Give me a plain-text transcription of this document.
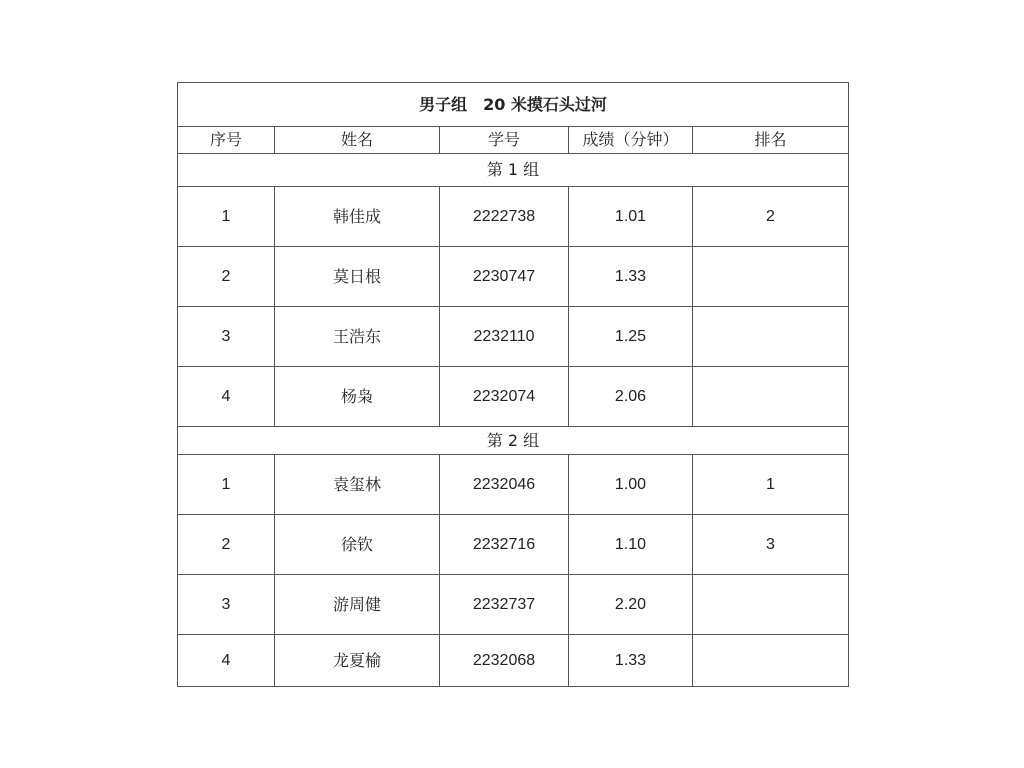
男子组　20 米摸石头过河				
序号	姓名	学号	成绩（分钟）	排名
第 1 组				
1	韩佳成	2222738	1.01	2
2	莫日根	2230747	1.33	
3	王浩东	2232110	1.25	
4	杨枭	2232074	2.06	
第 2 组				
1	袁玺林	2232046	1.00	1
2	徐钦	2232716	1.10	3
3	游周健	2232737	2.20	
4	龙夏榆	2232068	1.33	
